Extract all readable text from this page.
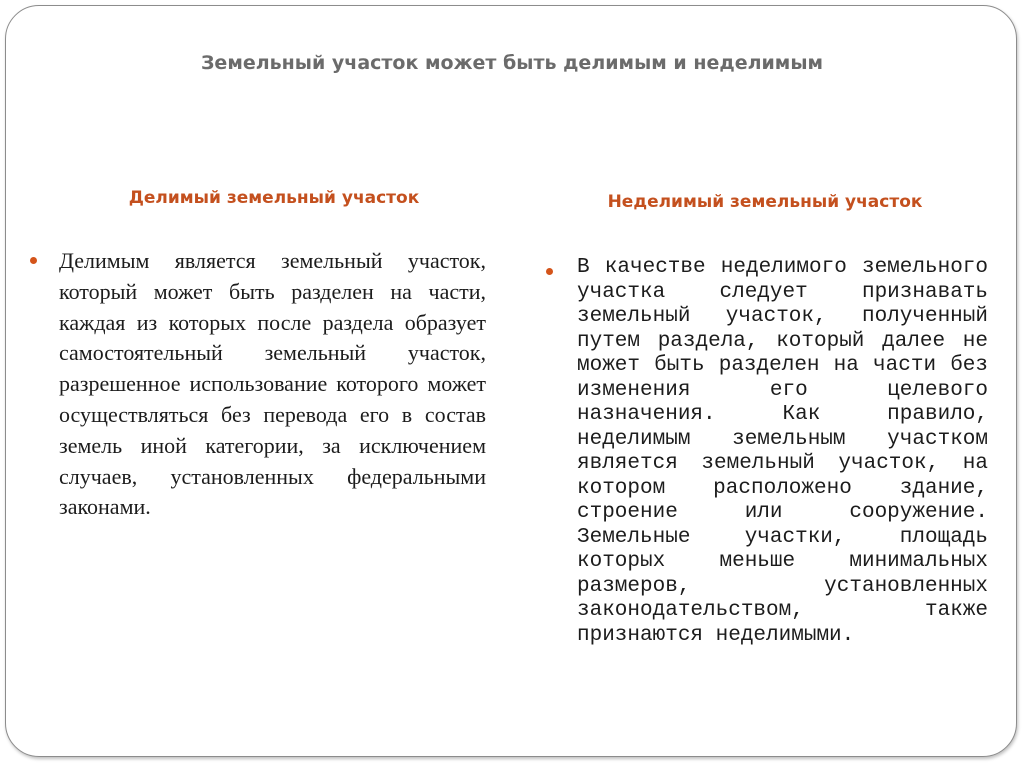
Земельный участок может быть делимым и неделимым
Делимый земельный участок	Неделимый земельный участок

Делимым является земельный участок, который может быть разделен на части, каждая из которых после раздела образует самостоятельный земельный участок, разрешенное использование которого может осуществляться без перевода его в состав земель иной категории, за исключением случаев, установленных федеральными законами.

В качестве неделимого земельного участка следует признавать земельный участок, полученный путем раздела, который далее не может быть разделен на части без изменения его целевого назначения. Как правило, неделимым земельным участком является земельный участок, на котором расположено здание, строение или сооружение. Земельные участки, площадь которых меньше минимальных размеров, установленных законодательством, также признаются неделимыми.
